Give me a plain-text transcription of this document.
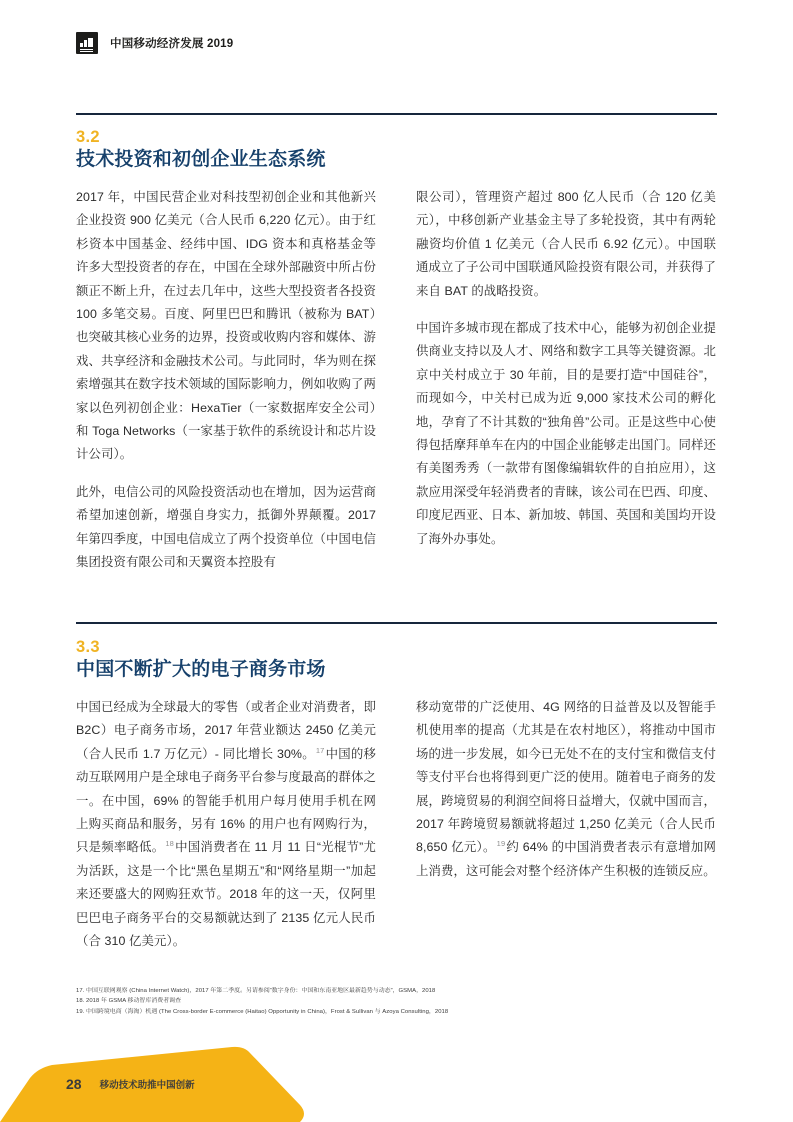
中国移动经济发展 2019
3.2
技术投资和初创企业生态系统

2017 年，中国民营企业对科技型初创企业和其他新兴企业投资 900 亿美元（合人民币 6,220 亿元）。由于红杉资本中国基金、经纬中国、IDG 资本和真格基金等许多大型投资者的存在，中国在全球外部融资中所占份额正不断上升，在过去几年中，这些大型投资者各投资 100 多笔交易。百度、阿里巴巴和腾讯（被称为 BAT）也突破其核心业务的边界，投资或收购内容和媒体、游戏、共享经济和金融技术公司。与此同时，华为则在探索增强其在数字技术领域的国际影响力，例如收购了两家以色列初创企业：HexaTier（一家数据库安全公司）和 Toga Networks（一家基于软件的系统设计和芯片设计公司）。

此外，电信公司的风险投资活动也在增加，因为运营商希望加速创新，增强自身实力，抵御外界颠覆。2017 年第四季度，中国电信成立了两个投资单位（中国电信集团投资有限公司和天翼资本控股有

限公司），管理资产超过 800 亿人民币（合 120 亿美元），中移创新产业基金主导了多轮投资，其中有两轮融资均价值 1 亿美元（合人民币 6.92 亿元）。中国联通成立了子公司中国联通风险投资有限公司，并获得了来自 BAT 的战略投资。

中国许多城市现在都成了技术中心，能够为初创企业提供商业支持以及人才、网络和数字工具等关键资源。北京中关村成立于 30 年前，目的是要打造“中国硅谷”，而现如今，中关村已成为近 9,000 家技术公司的孵化地，孕育了不计其数的“独角兽”公司。正是这些中心使得包括摩拜单车在内的中国企业能够走出国门。同样还有美图秀秀（一款带有图像编辑软件的自拍应用），这款应用深受年轻消费者的青睐，该公司在巴西、印度、印度尼西亚、日本、新加坡、韩国、英国和美国均开设了海外办事处。

3.3
中国不断扩大的电子商务市场

中国已经成为全球最大的零售（或者企业对消费者，即 B2C）电子商务市场，2017 年营业额达 2450 亿美元（合人民币 1.7 万亿元）- 同比增长 30%。$^{17}$中国的移动互联网用户是全球电子商务平台参与度最高的群体之一。在中国，69% 的智能手机用户每月使用手机在网上购买商品和服务，另有 16% 的用户也有网购行为，只是频率略低。$^{18}$中国消费者在 11 月 11 日“光棍节”尤为活跃，这是一个比“黑色星期五”和“网络星期一”加起来还要盛大的网购狂欢节。2018 年的这一天，仅阿里巴巴电子商务平台的交易额就达到了 2135 亿元人民币（合 310 亿美元）。

移动宽带的广泛使用、4G 网络的日益普及以及智能手机使用率的提高（尤其是在农村地区），将推动中国市场的进一步发展，如今已无处不在的支付宝和微信支付等支付平台也将得到更广泛的使用。随着电子商务的发展，跨境贸易的利润空间将日益增大，仅就中国而言，2017 年跨境贸易额就将超过 1,250 亿美元（合人民币 8,650 亿元）。$^{19}$约 64% 的中国消费者表示有意增加网上消费，这可能会对整个经济体产生积极的连锁反应。

17. 中国互联网观察 (China Internet Watch)，2017 年第二季度。另请参阅“数字身份：中国和东南亚地区最新趋势与动态”，GSMA，2018
18. 2018 年 GSMA 移动智库消费者调查
19. 中国跨境电商（海淘）机遇 (The Cross-border E-commerce (Haitao) Opportunity in China)，Frost & Sullivan 与 Azoya Consulting，2018
28 移动技术助推中国创新
